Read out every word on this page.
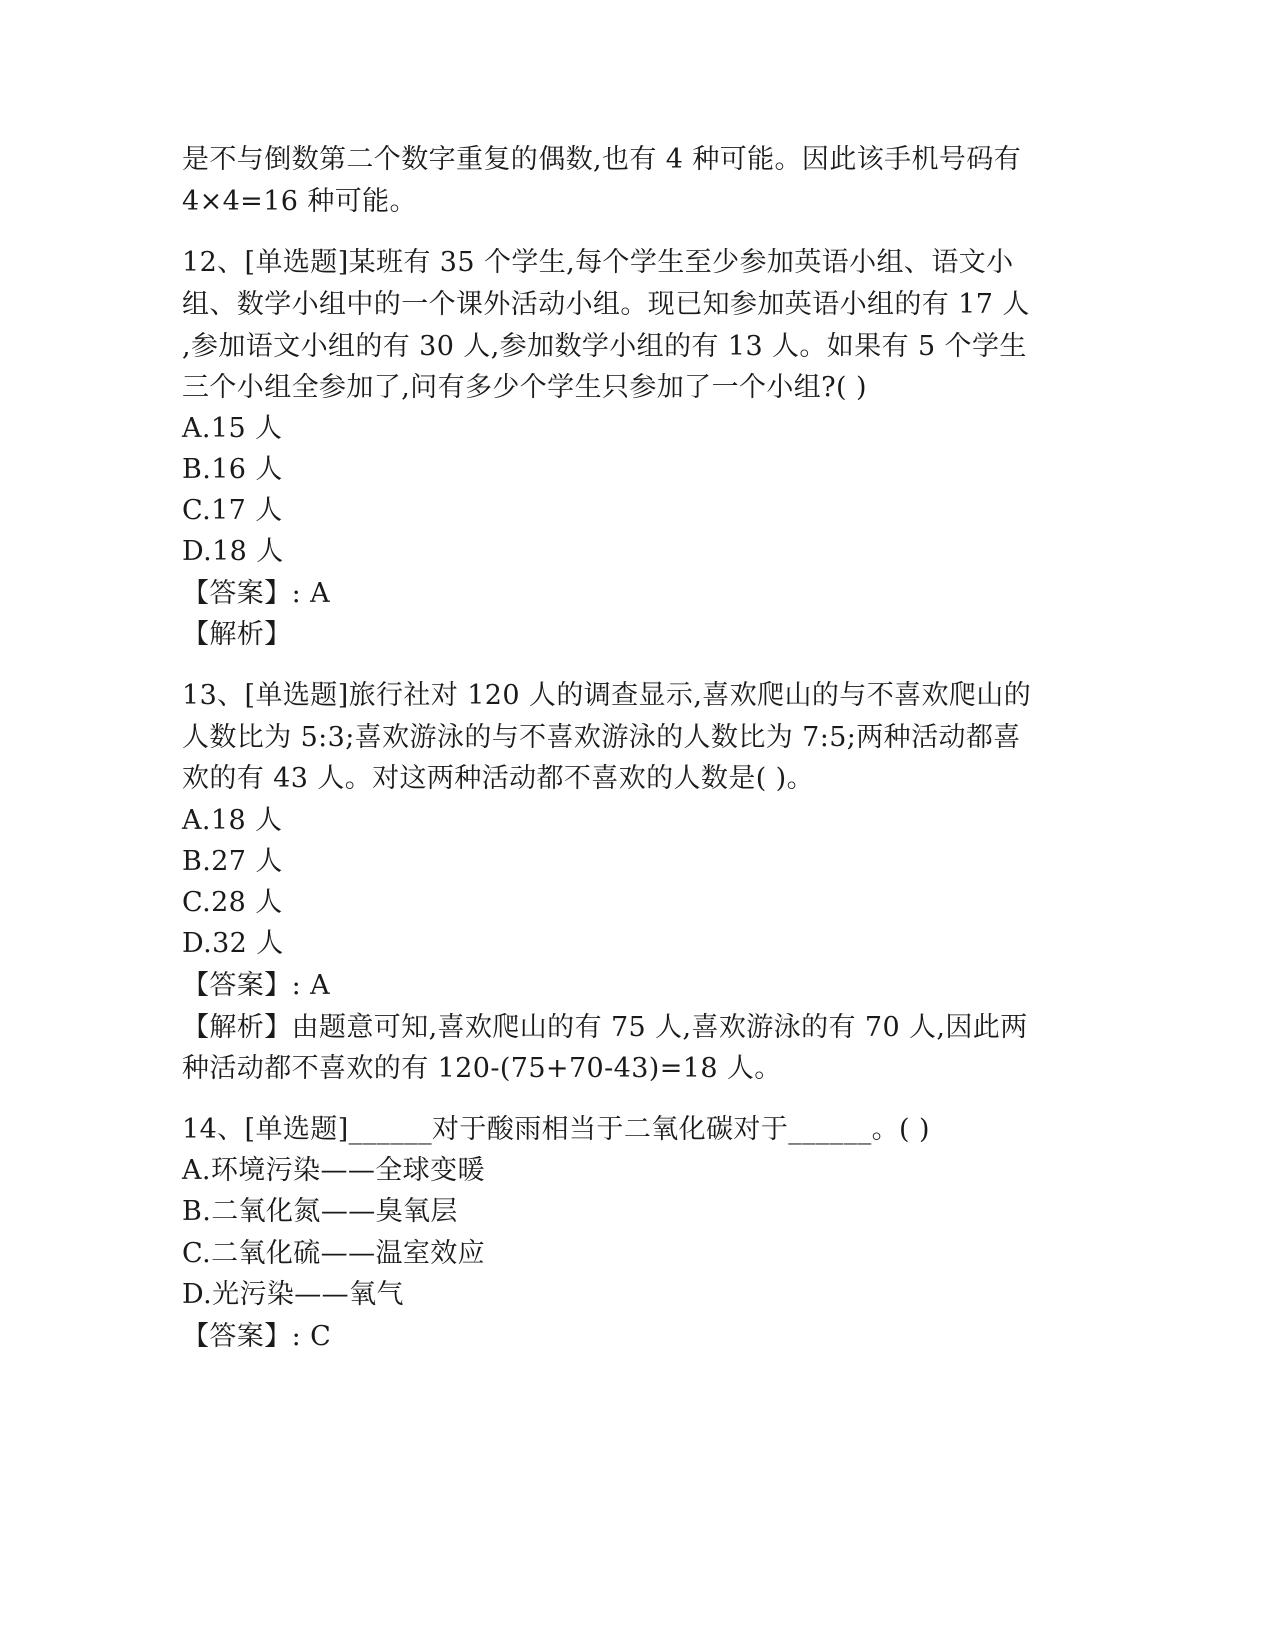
是不与倒数第二个数字重复的偶数,也有 4 种可能。因此该手机号码有
4×4=16 种可能。
12、[单选题]某班有 35 个学生,每个学生至少参加英语小组、语文小
组、数学小组中的一个课外活动小组。现已知参加英语小组的有 17 人
,参加语文小组的有 30 人,参加数学小组的有 13 人。如果有 5 个学生
三个小组全参加了,问有多少个学生只参加了一个小组?( )
A.15 人
B.16 人
C.17 人
D.18 人
【答案】: A
【解析】
13、[单选题]旅行社对 120 人的调查显示,喜欢爬山的与不喜欢爬山的
人数比为 5:3;喜欢游泳的与不喜欢游泳的人数比为 7:5;两种活动都喜
欢的有 43 人。对这两种活动都不喜欢的人数是( )。
A.18 人
B.27 人
C.28 人
D.32 人
【答案】: A
【解析】由题意可知,喜欢爬山的有 75 人,喜欢游泳的有 70 人,因此两
种活动都不喜欢的有 120-(75+70-43)=18 人。
14、[单选题]______对于酸雨相当于二氧化碳对于______。( )
A.环境污染——全球变暖
B.二氧化氮——臭氧层
C.二氧化硫——温室效应
D.光污染——氧气
【答案】: C
